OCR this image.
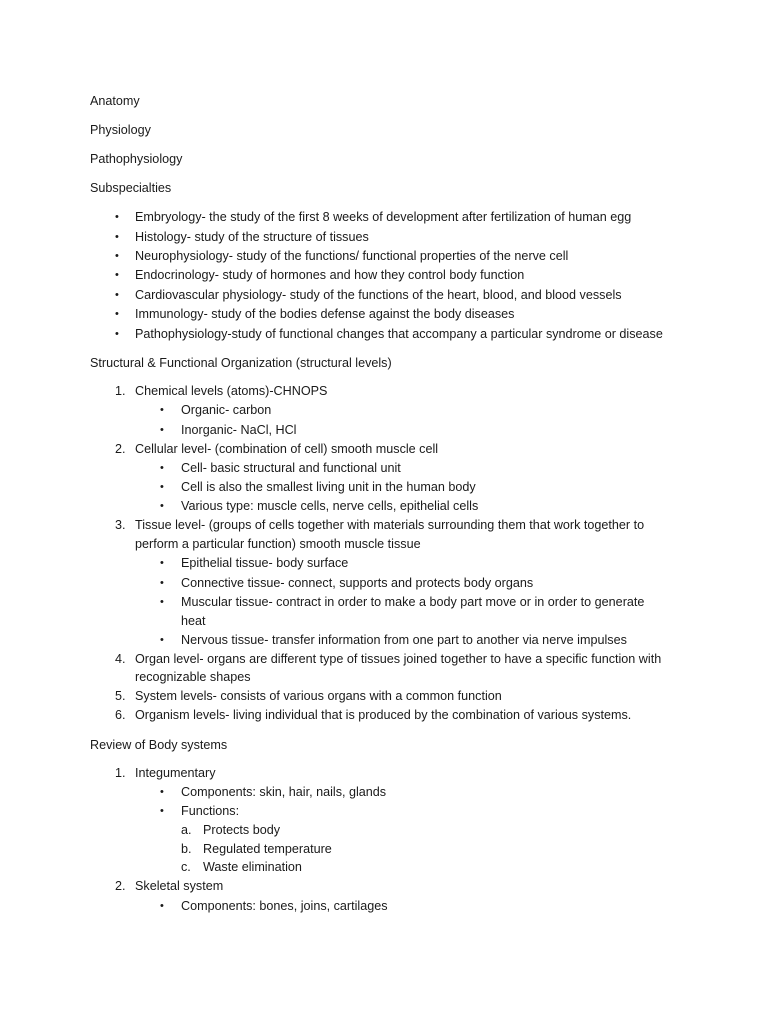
Anatomy

Physiology

Pathophysiology

Subspecialties

• Embryology- the study of the first 8 weeks of development after fertilization of human egg
• Histology- study of the structure of tissues
• Neurophysiology- study of the functions/ functional properties of the nerve cell
• Endocrinology- study of hormones and how they control body function
• Cardiovascular physiology- study of the functions of the heart, blood, and blood vessels
• Immunology- study of the bodies defense against the body diseases
• Pathophysiology-study of functional changes that accompany a particular syndrome or disease

Structural & Functional Organization (structural levels)

1. Chemical levels (atoms)-CHNOPS
• Organic- carbon
• Inorganic- NaCl, HCl
2. Cellular level- (combination of cell) smooth muscle cell
• Cell- basic structural and functional unit
• Cell is also the smallest living unit in the human body
• Various type: muscle cells, nerve cells, epithelial cells
3. Tissue level- (groups of cells together with materials surrounding them that work together to
perform a particular function) smooth muscle tissue
• Epithelial tissue- body surface
• Connective tissue- connect, supports and protects body organs
• Muscular tissue- contract in order to make a body part move or in order to generate
heat
• Nervous tissue- transfer information from one part to another via nerve impulses
4. Organ level- organs are different type of tissues joined together to have a specific function with
recognizable shapes
5. System levels- consists of various organs with a common function
6. Organism levels- living individual that is produced by the combination of various systems.

Review of Body systems

1. Integumentary
• Components: skin, hair, nails, glands
• Functions:
a. Protects body
b. Regulated temperature
c. Waste elimination
2. Skeletal system
• Components: bones, joins, cartilages
